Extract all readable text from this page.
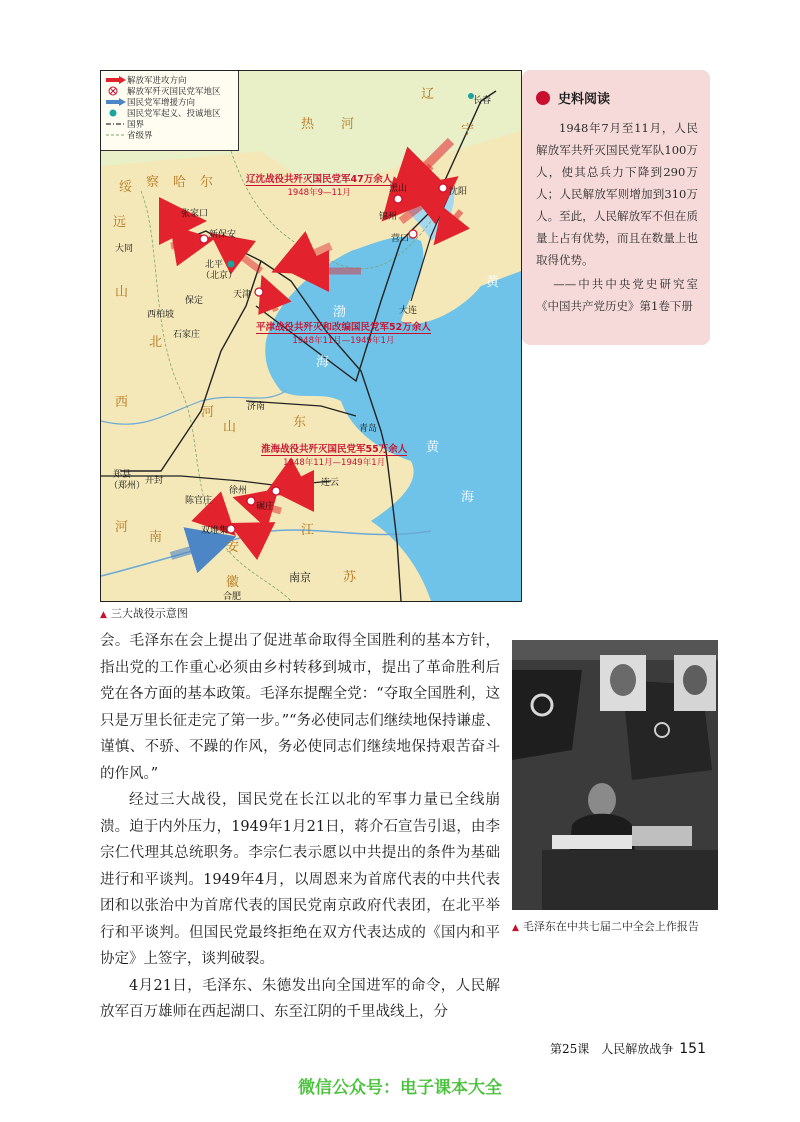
解放军进攻方向
解放军歼灭国民党军地区
国民党军增援方向
国民党军起义、投诚地区
国界
省级界
热 河
辽
宁
绥 察 哈 尔
远
山
西
河
北
山	东
河
南
安
徽
江
苏
渤
海
黄
海
黄
长春
沈阳
黑山
锦州
营口
大连
张家口
新保安
大同
北平
（北京）
保定
天津
西柏坡
石家庄
济南
青岛
郑县
（郑州） 开封
徐州
陈官庄
碾庄
连云
双堆集
南京
合肥
辽沈战役共歼灭国民党军47万余人
1948年9—11月
平津战役共歼灭和改编国民党军52万余人
1948年11月—1949年1月
淮海战役共歼灭国民党军55万余人
1948年11月—1949年1月
▲ 三大战役示意图
史料阅读
1948年7月至11月，人民解放军共歼灭国民党军队100万人，使其总兵力下降到290万人；人民解放军则增加到310万人。至此，人民解放军不但在质量上占有优势，而且在数量上也取得优势。
——中共中央党史研究室《中国共产党历史》第1卷下册

会。毛泽东在会上提出了促进革命取得全国胜利的基本方针，指出党的工作重心必须由乡村转移到城市，提出了革命胜利后党在各方面的基本政策。毛泽东提醒全党：“夺取全国胜利，这只是万里长征走完了第一步。”“务必使同志们继续地保持谦虚、谨慎、不骄、不躁的作风，务必使同志们继续地保持艰苦奋斗的作风。”

经过三大战役，国民党在长江以北的军事力量已全线崩溃。迫于内外压力，1949年1月21日，蒋介石宣告引退，由李宗仁代理其总统职务。李宗仁表示愿以中共提出的条件为基础进行和平谈判。1949年4月，以周恩来为首席代表的中共代表团和以张治中为首席代表的国民党南京政府代表团，在北平举行和平谈判。但国民党最终拒绝在双方代表达成的《国内和平协定》上签字，谈判破裂。

4月21日，毛泽东、朱德发出向全国进军的命令，人民解放军百万雄师在西起湖口、东至江阴的千里战线上，分

▲ 毛泽东在中共七届二中全会上作报告
第25课　人民解放战争 151
微信公众号：电子课本大全
